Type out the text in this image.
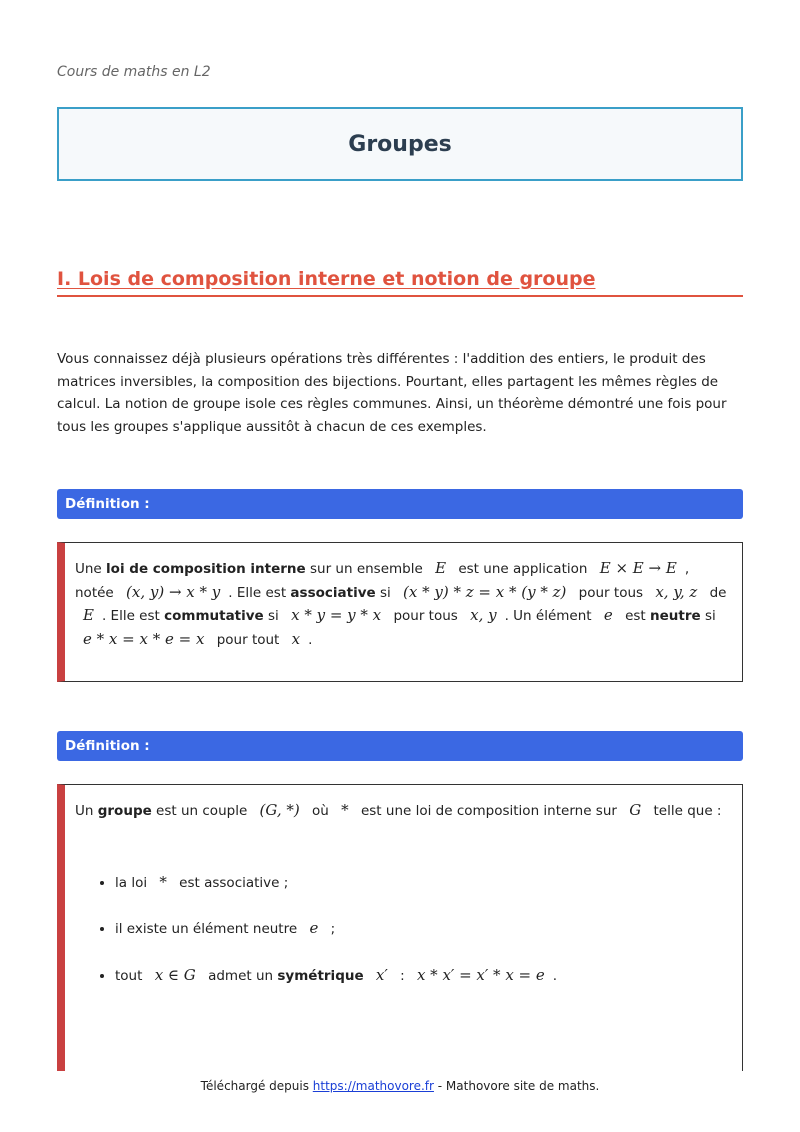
Cours de maths en L2
Groupes
I. Lois de composition interne et notion de groupe

Vous connaissez déjà plusieurs opérations très différentes : l'addition des entiers, le produit des matrices inversibles, la composition des bijections. Pourtant, elles partagent les mêmes règles de calcul. La notion de groupe isole ces règles communes. Ainsi, un théorème démontré une fois pour tous les groupes s'applique aussitôt à chacun de ces exemples.

Définition :
Une loi de composition interne sur un ensemble E est une application E × E → E , notée (x, y) → x * y . Elle est associative si (x * y) * z = x * (y * z) pour tous x, y, z de E . Elle est commutative si x * y = y * x pour tous x, y . Un élément e est neutre si e * x = x * e = x pour tout x .
Définition :
Un groupe est un couple (G, *) où * est une loi de composition interne sur G telle que :
• la loi * est associative ;
• il existe un élément neutre e ;
• tout x ∈ G admet un symétrique x′ : x * x′ = x′ * x = e .
Téléchargé depuis https://mathovore.fr - Mathovore site de maths.
